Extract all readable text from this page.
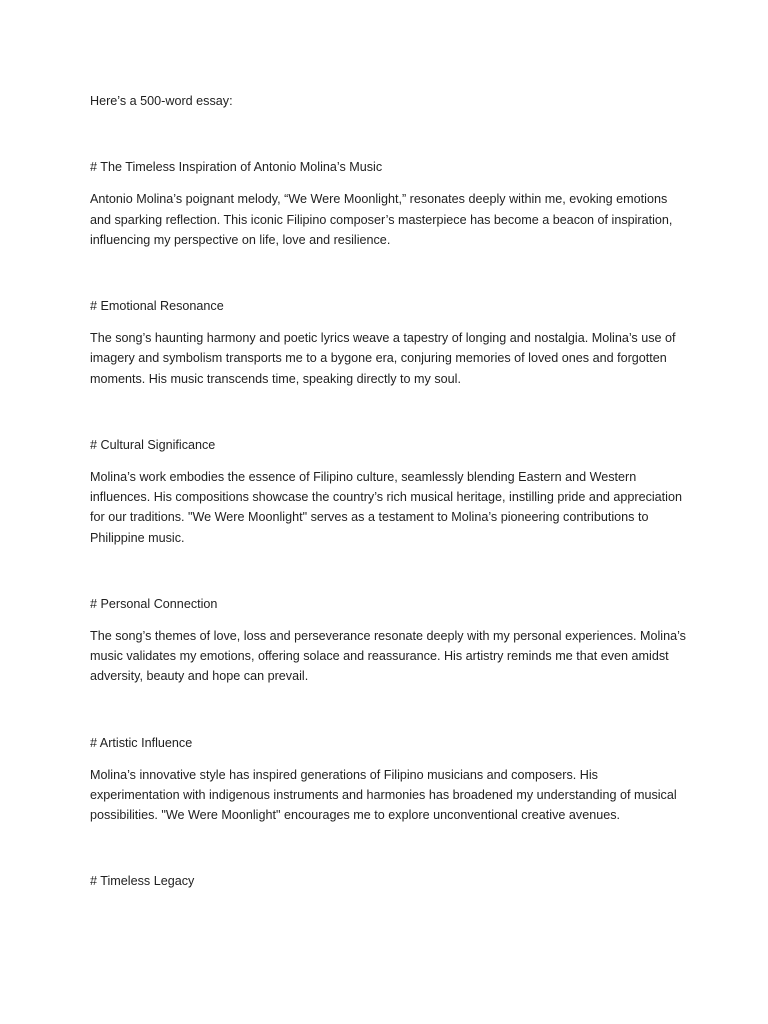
Here’s a 500-word essay:

# The Timeless Inspiration of Antonio Molina’s Music

Antonio Molina’s poignant melody, “We Were Moonlight,” resonates deeply within me, evoking emotions and sparking reflection. This iconic Filipino composer’s masterpiece has become a beacon of inspiration, influencing my perspective on life, love and resilience.

# Emotional Resonance

The song’s haunting harmony and poetic lyrics weave a tapestry of longing and nostalgia. Molina’s use of imagery and symbolism transports me to a bygone era, conjuring memories of loved ones and forgotten moments. His music transcends time, speaking directly to my soul.

# Cultural Significance

Molina’s work embodies the essence of Filipino culture, seamlessly blending Eastern and Western influences. His compositions showcase the country’s rich musical heritage, instilling pride and appreciation for our traditions. "We Were Moonlight" serves as a testament to Molina’s pioneering contributions to Philippine music.

# Personal Connection

The song’s themes of love, loss and perseverance resonate deeply with my personal experiences. Molina’s music validates my emotions, offering solace and reassurance. His artistry reminds me that even amidst adversity, beauty and hope can prevail.

# Artistic Influence

Molina’s innovative style has inspired generations of Filipino musicians and composers. His experimentation with indigenous instruments and harmonies has broadened my understanding of musical possibilities. "We Were Moonlight" encourages me to explore unconventional creative avenues.

# Timeless Legacy
